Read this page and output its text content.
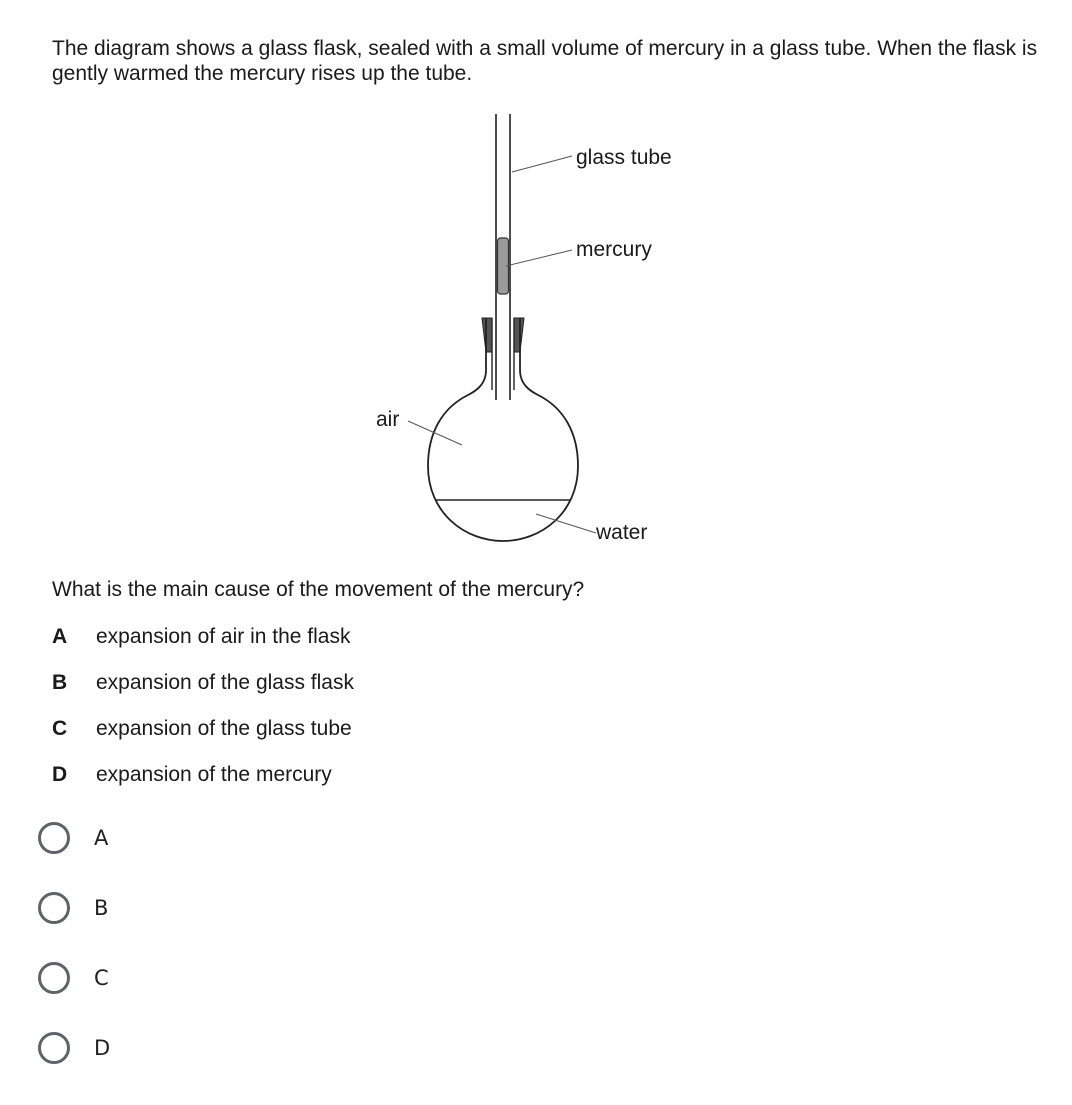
The diagram shows a glass flask, sealed with a small volume of mercury in a glass tube. When the flask is gently warmed the mercury rises up the tube.

glass tube
mercury
air
water

What is the main cause of the movement of the mercury?

A	expansion of air in the flask
B	expansion of the glass flask
C	expansion of the glass tube
D	expansion of the mercury
A
B
C
D
